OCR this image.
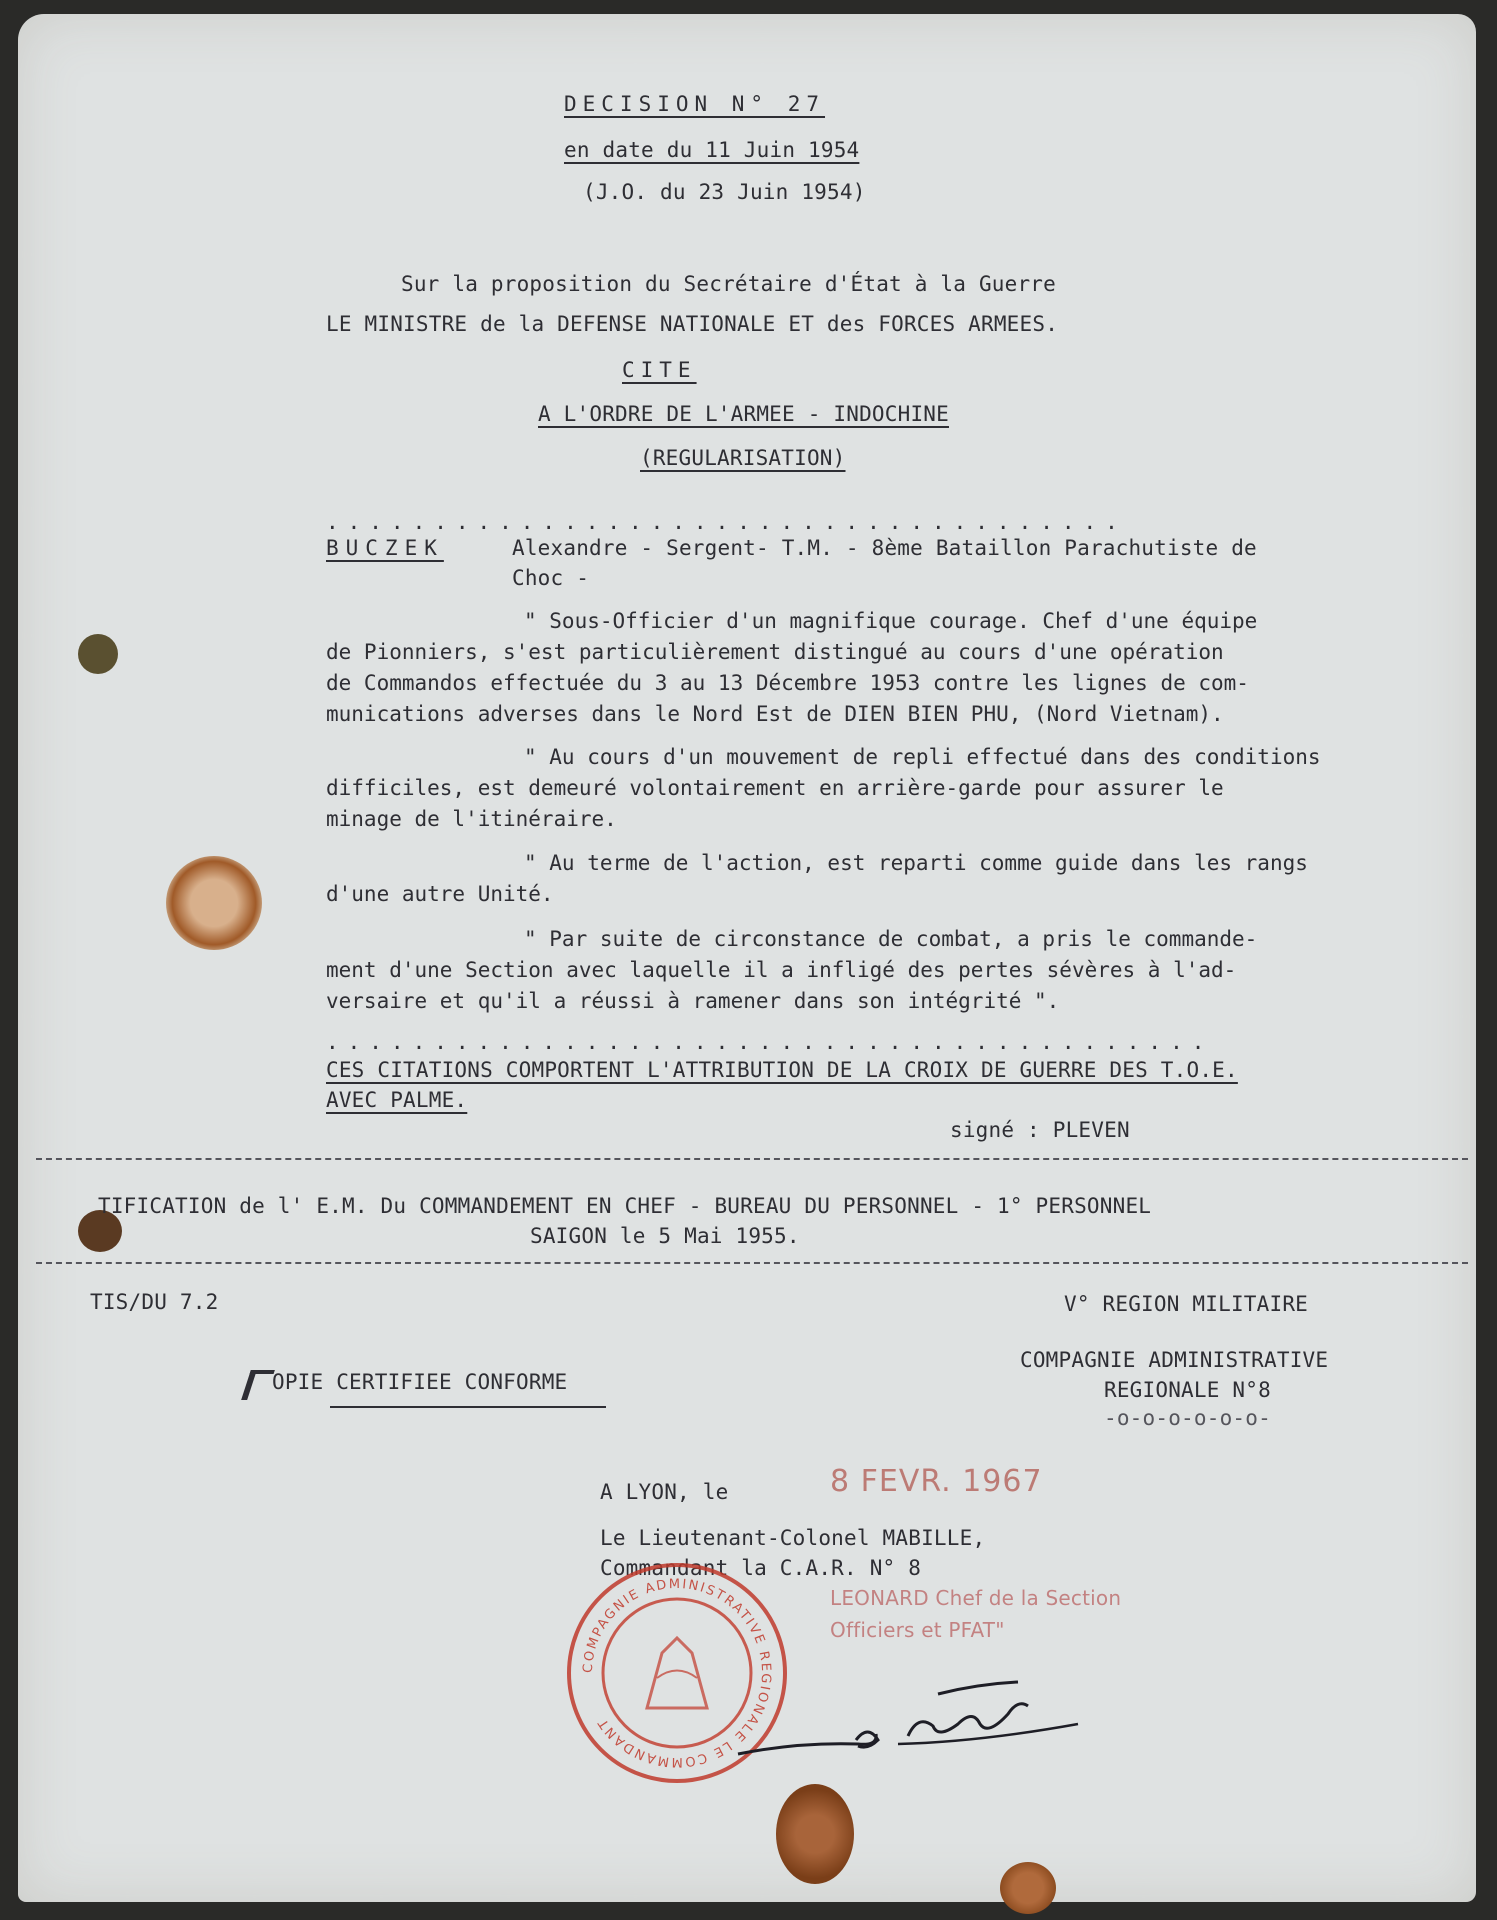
DECISION N° 27
en date du 11 Juin 1954
(J.O. du 23 Juin 1954)
Sur la proposition du Secrétaire d'État à la Guerre
LE MINISTRE de la DEFENSE NATIONALE ET des FORCES ARMEES.
CITE
A L'ORDRE DE L'ARMEE - INDOCHINE
(REGULARISATION)
.....................................
BUCZEK	Alexandre - Sergent- T.M. - 8ème Bataillon Parachutiste de
Choc -
" Sous-Officier d'un magnifique courage. Chef d'une équipe
de Pionniers, s'est particulièrement distingué au cours d'une opération
de Commandos effectuée du 3 au 13 Décembre 1953 contre les lignes de com-
munications adverses dans le Nord Est de DIEN BIEN PHU, (Nord Vietnam).
" Au cours d'un mouvement de repli effectué dans des conditions
difficiles, est demeuré volontairement en arrière-garde pour assurer le
minage de l'itinéraire.
" Au terme de l'action, est reparti comme guide dans les rangs
d'une autre Unité.
" Par suite de circonstance de combat, a pris le commande-
ment d'une Section avec laquelle il a infligé des pertes sévères à l'ad-
versaire et qu'il a réussi à ramener dans son intégrité ".
.........................................
CES CITATIONS COMPORTENT L'ATTRIBUTION DE LA CROIX DE GUERRE DES T.O.E.
AVEC PALME.
signé : PLEVEN
TIFICATION de l' E.M. Du COMMANDEMENT EN CHEF - BUREAU DU PERSONNEL - 1° PERSONNEL
SAIGON le 5 Mai 1955.
TIS/DU 7.2	V° REGION MILITAIRE
COMPAGNIE ADMINISTRATIVE
REGIONALE N°8
-o-o-o-o-o-o-
OPIE CERTIFIEE CONFORME
A LYON, le	8 FEVR. 1967
Le Lieutenant-Colonel MABILLE,
Commandant la C.A.R. N° 8
LEONARD Chef de la Section
Officiers et PFAT"
COMPAGNIE ADMINISTRATIVE REGIONALE LE COMMANDANT
